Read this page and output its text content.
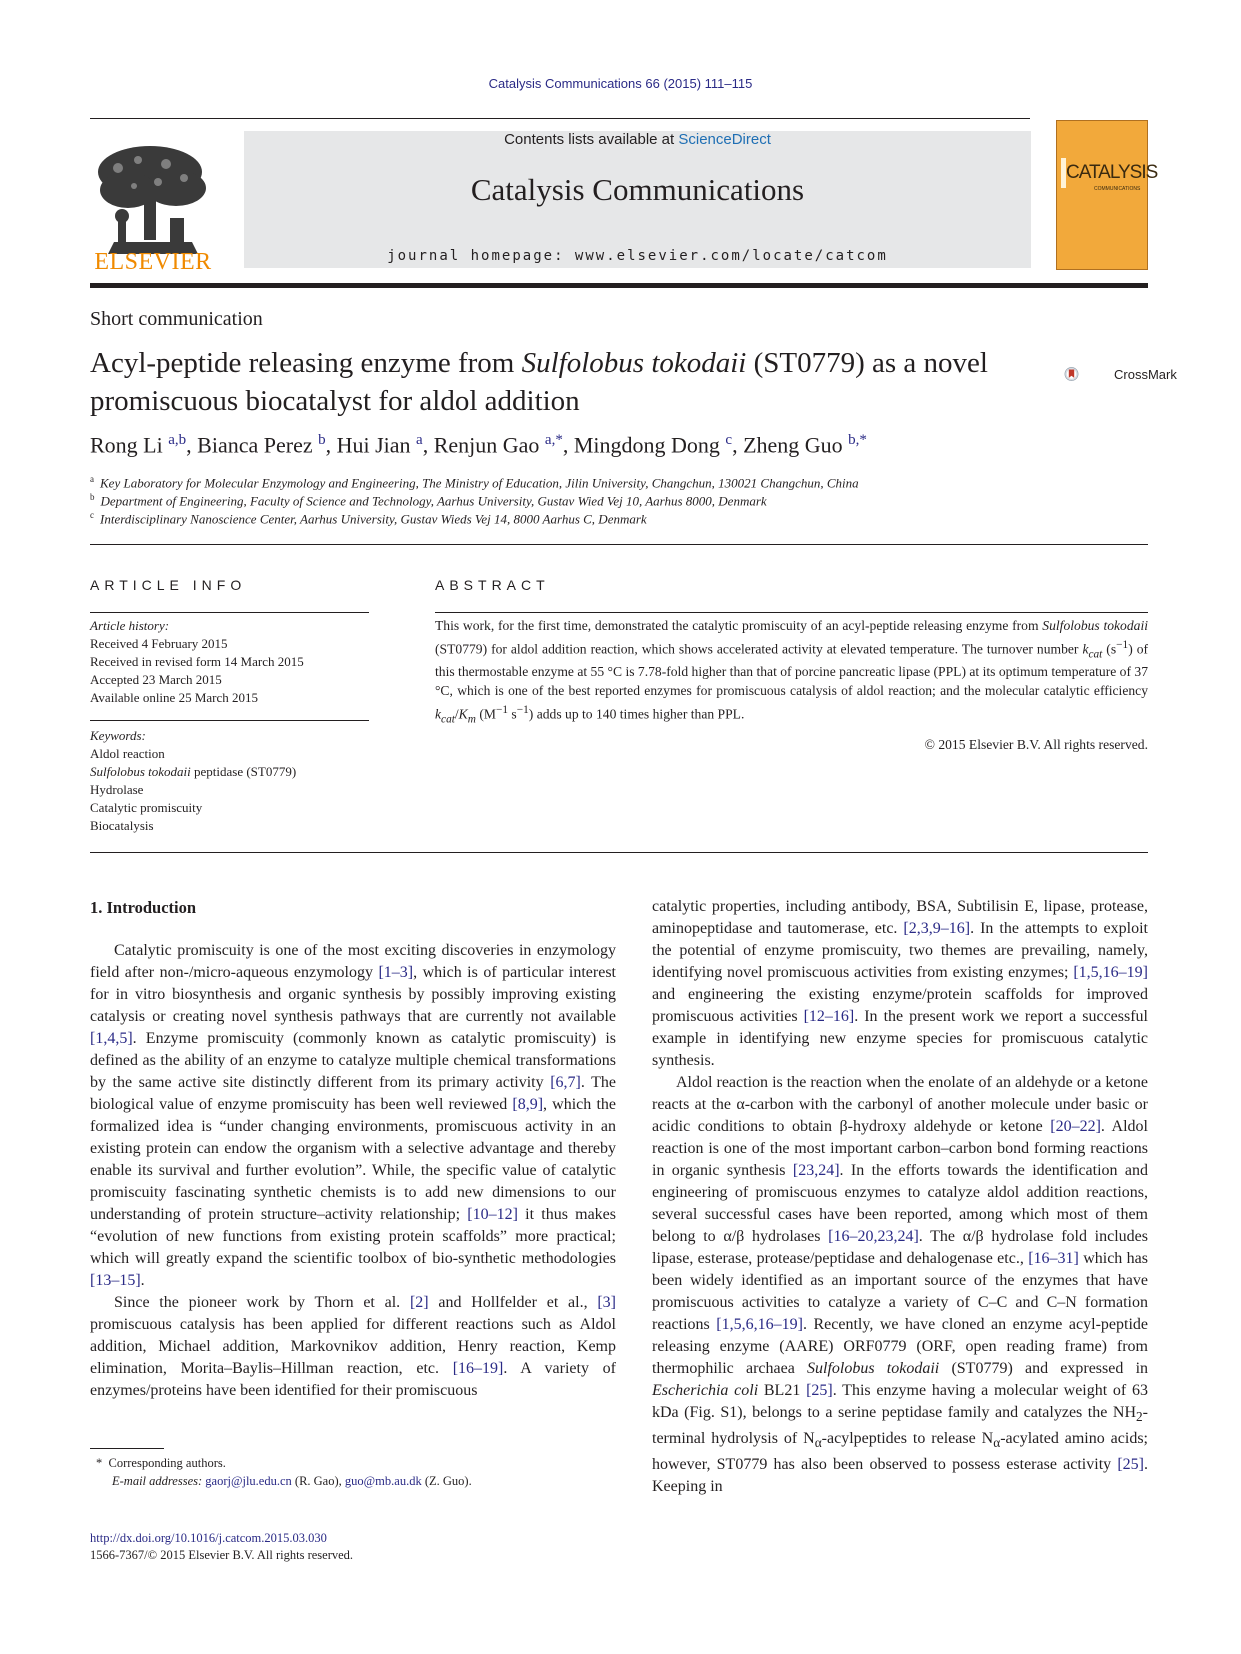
Catalysis Communications 66 (2015) 111–115
ELSEVIER
Contents lists available at ScienceDirect
Catalysis Communications
journal homepage: www.elsevier.com/locate/catcom
CATALYSIS
COMMUNICATIONS
Short communication
Acyl-peptide releasing enzyme from Sulfolobus tokodaii (ST0779) as a novel promiscuous biocatalyst for aldol addition
CrossMark
Rong Li $^{a,b}$, Bianca Perez $^b$, Hui Jian $^a$, Renjun Gao $^{a,*}$, Mingdong Dong $^c$, Zheng Guo $^{b,*}$
$^a$ Key Laboratory for Molecular Enzymology and Engineering, The Ministry of Education, Jilin University, Changchun, 130021 Changchun, China
$^b$ Department of Engineering, Faculty of Science and Technology, Aarhus University, Gustav Wied Vej 10, Aarhus 8000, Denmark
$^c$ Interdisciplinary Nanoscience Center, Aarhus University, Gustav Wieds Vej 14, 8000 Aarhus C, Denmark
ARTICLE INFO	ABSTRACT
Article history:
Received 4 February 2015
Received in revised form 14 March 2015
Accepted 23 March 2015
Available online 25 March 2015
Keywords:
Aldol reaction
Sulfolobus tokodaii peptidase (ST0779)
Hydrolase
Catalytic promiscuity
Biocatalysis
This work, for the first time, demonstrated the catalytic promiscuity of an acyl-peptide releasing enzyme from Sulfolobus tokodaii (ST0779) for aldol addition reaction, which shows accelerated activity at elevated temperature. The turnover number $k_{cat}$ $(s^{-1})$ of this thermostable enzyme at 55 °C is 7.78-fold higher than that of porcine pancreatic lipase (PPL) at its optimum temperature of 37 °C, which is one of the best reported enzymes for promiscuous catalysis of aldol reaction; and the molecular catalytic efficiency $k_{cat}/K_m$ ($M^{-1}$ $s^{-1}$) adds up to 140 times higher than PPL.
© 2015 Elsevier B.V. All rights reserved.
1. Introduction

Catalytic promiscuity is one of the most exciting discoveries in enzymology field after non-/micro-aqueous enzymology [1–3], which is of particular interest for in vitro biosynthesis and organic synthesis by possibly improving existing catalysis or creating novel synthesis pathways that are currently not available [1,4,5]. Enzyme promiscuity (commonly known as catalytic promiscuity) is defined as the ability of an enzyme to catalyze multiple chemical transformations by the same active site distinctly different from its primary activity [6,7]. The biological value of enzyme promiscuity has been well reviewed [8,9], which the formalized idea is “under changing environments, promiscuous activity in an existing protein can endow the organism with a selective advantage and thereby enable its survival and further evolution”. While, the specific value of catalytic promiscuity fascinating synthetic chemists is to add new dimensions to our understanding of protein structure–activity relationship; [10–12] it thus makes “evolution of new functions from existing protein scaffolds” more practical; which will greatly expand the scientific toolbox of bio-synthetic methodologies [13–15].

Since the pioneer work by Thorn et al. [2] and Hollfelder et al., [3] promiscuous catalysis has been applied for different reactions such as Aldol addition, Michael addition, Markovnikov addition, Henry reaction, Kemp elimination, Morita–Baylis–Hillman reaction, etc. [16–19]. A variety of enzymes/proteins have been identified for their promiscuous

catalytic properties, including antibody, BSA, Subtilisin E, lipase, protease, aminopeptidase and tautomerase, etc. [2,3,9–16]. In the attempts to exploit the potential of enzyme promiscuity, two themes are prevailing, namely, identifying novel promiscuous activities from existing enzymes; [1,5,16–19] and engineering the existing enzyme/protein scaffolds for improved promiscuous activities [12–16]. In the present work we report a successful example in identifying new enzyme species for promiscuous catalytic synthesis.

Aldol reaction is the reaction when the enolate of an aldehyde or a ketone reacts at the α-carbon with the carbonyl of another molecule under basic or acidic conditions to obtain β-hydroxy aldehyde or ketone [20–22]. Aldol reaction is one of the most important carbon–carbon bond forming reactions in organic synthesis [23,24]. In the efforts towards the identification and engineering of promiscuous enzymes to catalyze aldol addition reactions, several successful cases have been reported, among which most of them belong to α/β hydrolases [16–20,23,24]. The α/β hydrolase fold includes lipase, esterase, protease/peptidase and dehalogenase etc., [16–31] which has been widely identified as an important source of the enzymes that have promiscuous activities to catalyze a variety of C–C and C–N formation reactions [1,5,6,16–19]. Recently, we have cloned an enzyme acyl-peptide releasing enzyme (AARE) ORF0779 (ORF, open reading frame) from thermophilic archaea Sulfolobus tokodaii (ST0779) and expressed in Escherichia coli BL21 [25]. This enzyme having a molecular weight of 63 kDa (Fig. S1), belongs to a serine peptidase family and catalyzes the $NH_2$-terminal hydrolysis of $N_\alpha$-acylpeptides to release $N_\alpha$-acylated amino acids; however, ST0779 has also been observed to possess esterase activity [25]. Keeping in

* Corresponding authors.
E-mail addresses: gaorj@jlu.edu.cn (R. Gao), guo@mb.au.dk (Z. Guo).
http://dx.doi.org/10.1016/j.catcom.2015.03.030
1566-7367/© 2015 Elsevier B.V. All rights reserved.
